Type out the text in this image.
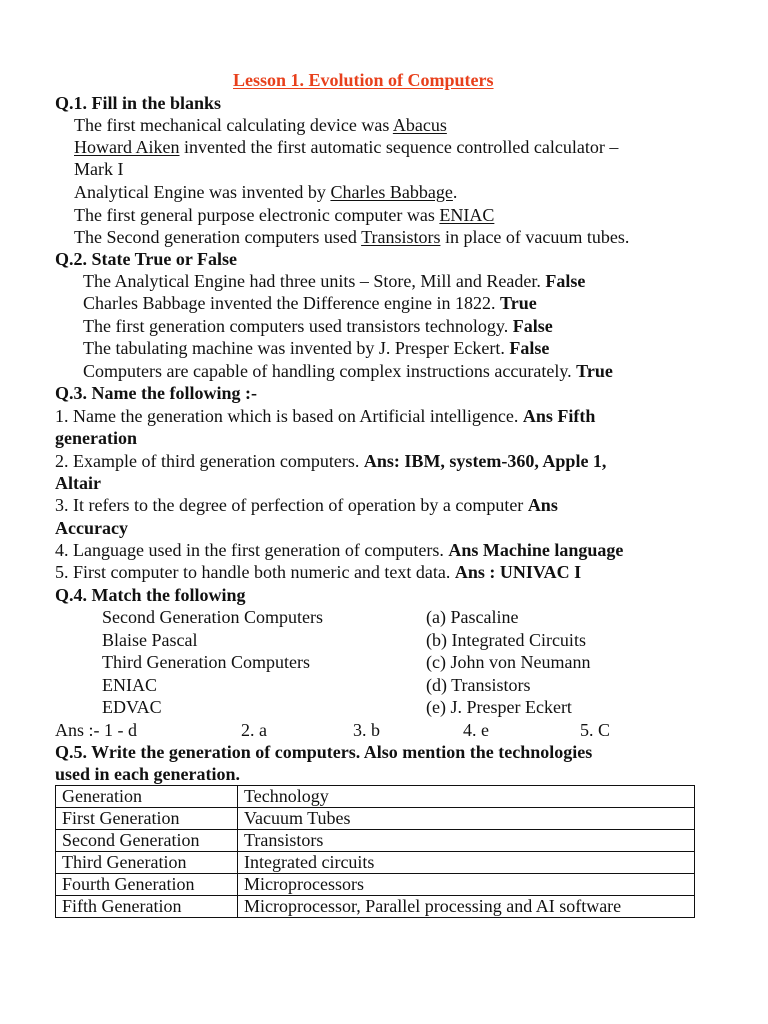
Lesson 1. Evolution of Computers
Q.1. Fill in the blanks
The first mechanical calculating device was Abacus
Howard Aiken invented the first automatic sequence controlled calculator –
Mark I
Analytical Engine was invented by Charles Babbage.
The first general purpose electronic computer was ENIAC
The Second generation computers used Transistors in place of vacuum tubes.
Q.2. State True or False
The Analytical Engine had three units – Store, Mill and Reader. False
Charles Babbage invented the Difference engine in 1822. True
The first generation computers used transistors technology. False
The tabulating machine was invented by J. Presper Eckert. False
Computers are capable of handling complex instructions accurately. True
Q.3. Name the following :-
1. Name the generation which is based on Artificial intelligence. Ans Fifth
generation
2. Example of third generation computers. Ans: IBM, system-360, Apple 1,
Altair
3. It refers to the degree of perfection of operation by a computer Ans
Accuracy
4. Language used in the first generation of computers. Ans Machine language
5. First computer to handle both numeric and text data. Ans : UNIVAC I
Q.4. Match the following
Second Generation Computers	(a) Pascaline
Blaise Pascal	(b) Integrated Circuits
Third Generation Computers	(c) John von Neumann
ENIAC	(d) Transistors
EDVAC	(e) J. Presper Eckert
Ans :- 1 - d	2. a	3. b	4. e	5. C
Q.5. Write the generation of computers. Also mention the technologies
used in each generation.
Generation	Technology
First Generation	Vacuum Tubes
Second Generation	Transistors
Third Generation	Integrated circuits
Fourth Generation	Microprocessors
Fifth Generation	Microprocessor, Parallel processing and AI software
